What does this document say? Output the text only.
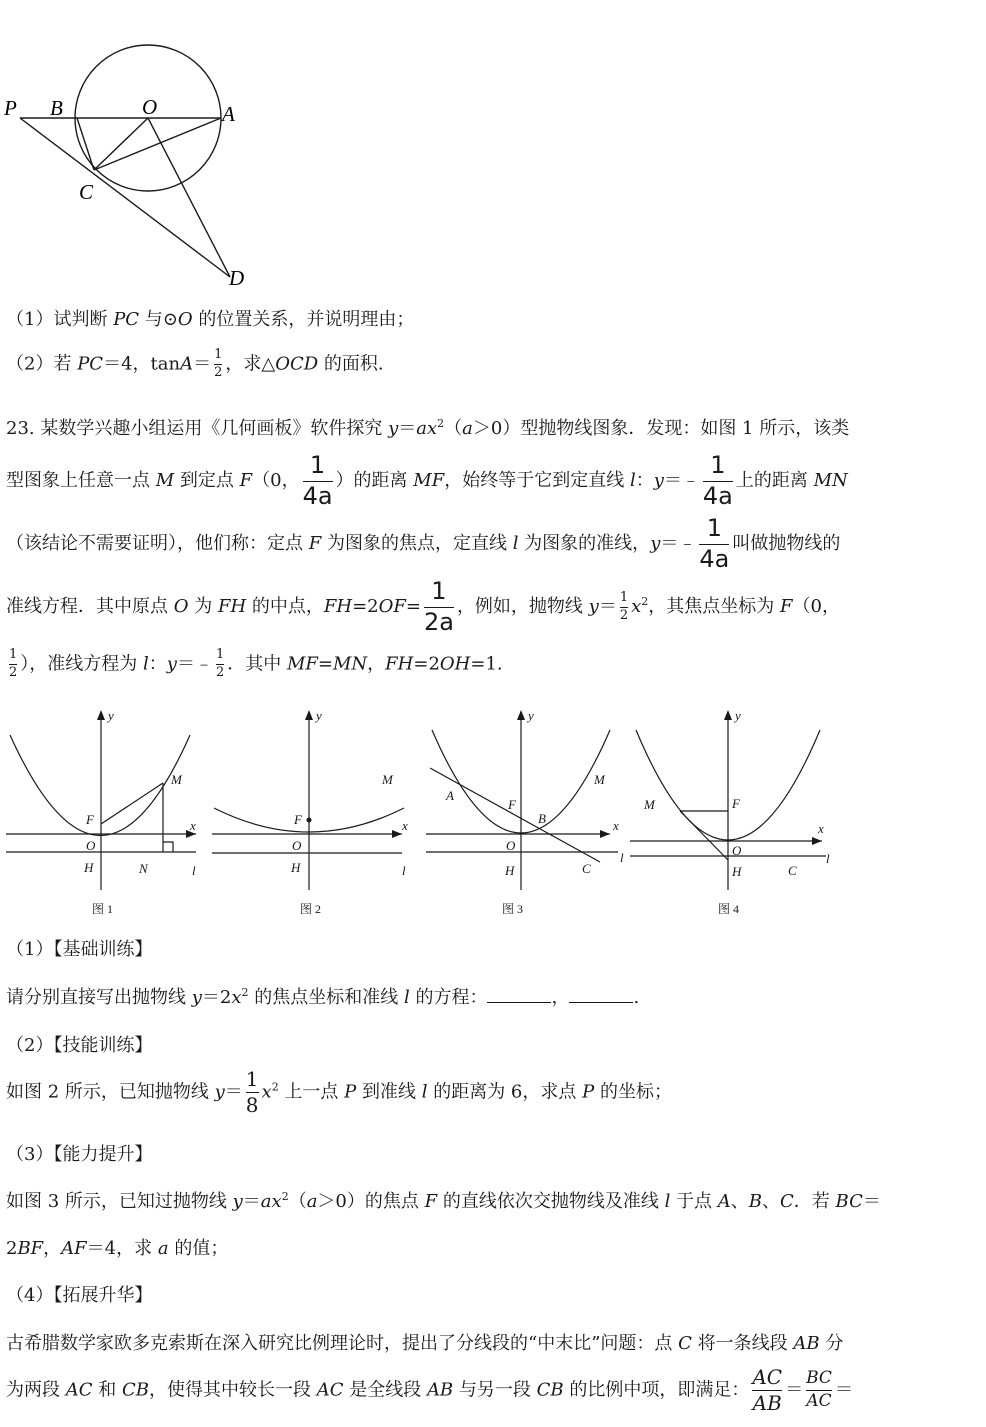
P B	O	A
C
D
（1）试判断 PC 与⊙O 的位置关系，并说明理由；
（2）若 PC＝4，$\tan A= \frac{1}{2}$ ，求△OCD 的面积.
23. 某数学兴趣小组运用《几何画板》软件探究 $y=ax^2(a>0)$型抛物线图象．发现：如图 1 所示，该类
型图象上任意一点 M 到定点 F（0， $\frac{1}{4a}$ ）的距离 MF，始终等于它到定直线 l：y＝﹣ $\frac{1}{4a}$ 上的距离 MN
（该结论不需要证明），他们称：定点 F 为图象的焦点，定直线 l 为图象的准线，y＝﹣ $\frac{1}{4a}$ 叫做抛物线的
准线方程．其中原点 O 为 FH 的中点，$FH=2OF= \frac{1}{2a}$ ，例如，抛物线 $y= \frac{1}{2} x^2$，其焦点坐标为 F（0，
$\frac{1}{2}$ ），准线方程为 l：y＝﹣ $\frac{1}{2}$ ．其中 MF=MN，FH=2OH=1.
x
y
M
F
O
H	N	l
x
y
M
F
O
H	l
x
y
A
F
B
M
O
H	C
l
x
y
M	F
O
H	C
l
图 1	图 2	图 3	图 4
（1）【基础训练】
请分别直接写出抛物线 $y=2x^2$ 的焦点坐标和准线 l 的方程：	，	.
（2）【技能训练】
如图 2 所示，已知抛物线 $y= \frac{1}{8} x^2$ 上一点 P 到准线 l 的距离为 6，求点 P 的坐标；
（3）【能力提升】
如图 3 所示，已知过抛物线 $y=ax^2(a>0)$的焦点 F 的直线依次交抛物线及准线 l 于点 A、B、C．若 BC＝
2BF，AF＝4，求 a 的值；
（4）【拓展升华】
古希腊数学家欧多克索斯在深入研究比例理论时，提出了分线段的“中末比”问题：点 C 将一条线段 AB 分
为两段 AC 和 CB，使得其中较长一段 AC 是全线段 AB 与另一段 CB 的比例中项，即满足： $\frac{AC}{AB} = \frac{BC}{AC}$ ＝
